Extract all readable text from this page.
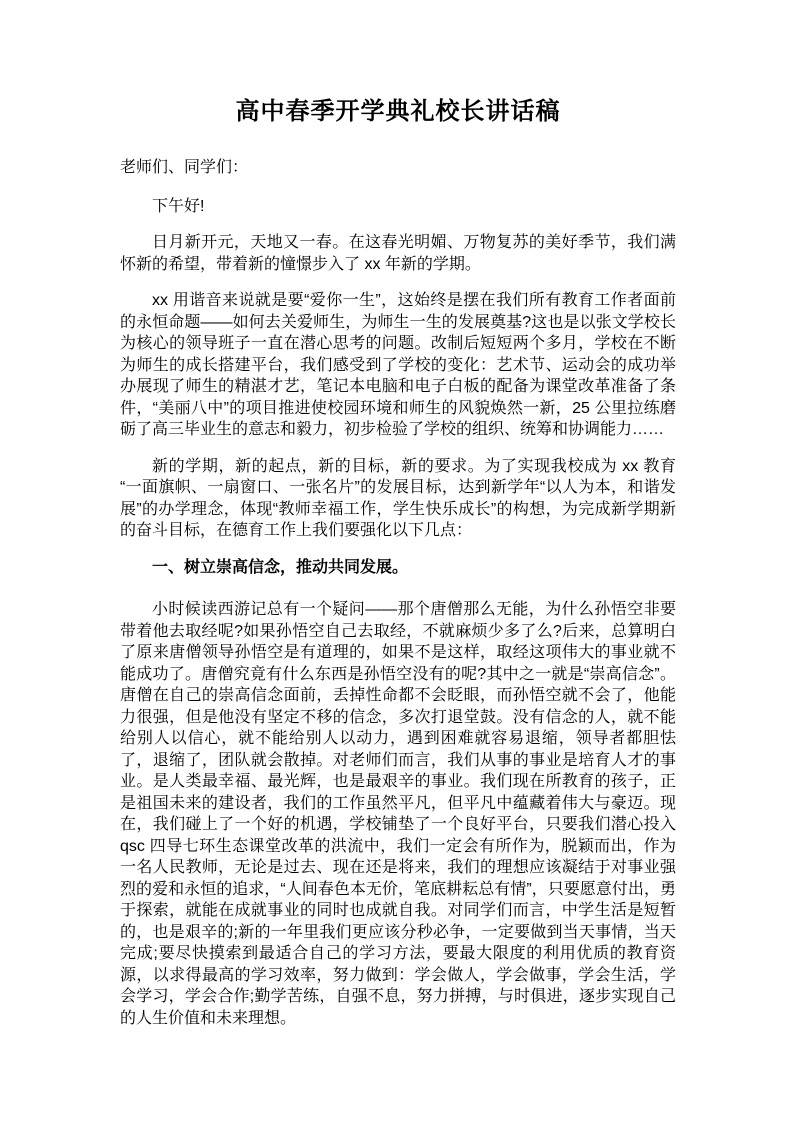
高中春季开学典礼校长讲话稿

老师们、同学们：

下午好!

日月新开元，天地又一春。在这春光明媚、万物复苏的美好季节，我们满怀新的希望，带着新的憧憬步入了 xx 年新的学期。

xx 用谐音来说就是要“爱你一生”，这始终是摆在我们所有教育工作者面前的永恒命题——如何去关爱师生，为师生一生的发展奠基?这也是以张文学校长为核心的领导班子一直在潜心思考的问题。改制后短短两个多月，学校在不断为师生的成长搭建平台，我们感受到了学校的变化：艺术节、运动会的成功举办展现了师生的精湛才艺，笔记本电脑和电子白板的配备为课堂改革准备了条件，“美丽八中”的项目推进使校园环境和师生的风貌焕然一新，25 公里拉练磨砺了高三毕业生的意志和毅力，初步检验了学校的组织、统筹和协调能力……

新的学期，新的起点，新的目标，新的要求。为了实现我校成为 xx 教育“一面旗帜、一扇窗口、一张名片”的发展目标，达到新学年“以人为本，和谐发展”的办学理念，体现“教师幸福工作，学生快乐成长”的构想，为完成新学期新的奋斗目标，在德育工作上我们要强化以下几点：

一、树立崇高信念，推动共同发展。

小时候读西游记总有一个疑问——那个唐僧那么无能，为什么孙悟空非要带着他去取经呢?如果孙悟空自己去取经，不就麻烦少多了么?后来，总算明白了原来唐僧领导孙悟空是有道理的，如果不是这样，取经这项伟大的事业就不能成功了。唐僧究竟有什么东西是孙悟空没有的呢?其中之一就是“崇高信念”。唐僧在自己的崇高信念面前，丢掉性命都不会眨眼，而孙悟空就不会了，他能力很强，但是他没有坚定不移的信念，多次打退堂鼓。没有信念的人，就不能给别人以信心，就不能给别人以动力，遇到困难就容易退缩，领导者都胆怯了，退缩了，团队就会散掉。对老师们而言，我们从事的事业是培育人才的事业。是人类最幸福、最光辉，也是最艰辛的事业。我们现在所教育的孩子，正是祖国未来的建设者，我们的工作虽然平凡，但平凡中蕴藏着伟大与豪迈。现在，我们碰上了一个好的机遇，学校铺垫了一个良好平台，只要我们潜心投入 qsc 四导七环生态课堂改革的洪流中，我们一定会有所作为，脱颖而出，作为一名人民教师，无论是过去、现在还是将来，我们的理想应该凝结于对事业强烈的爱和永恒的追求，“人间春色本无价，笔底耕耘总有情”，只要愿意付出，勇于探索，就能在成就事业的同时也成就自我。对同学们而言，中学生活是短暂的，也是艰辛的;新的一年里我们更应该分秒必争，一定要做到当天事情，当天完成;要尽快摸索到最适合自己的学习方法，要最大限度的利用优质的教育资源，以求得最高的学习效率，努力做到：学会做人，学会做事，学会生活，学会学习，学会合作;勤学苦练，自强不息，努力拼搏，与时俱进，逐步实现自己的人生价值和未来理想。
